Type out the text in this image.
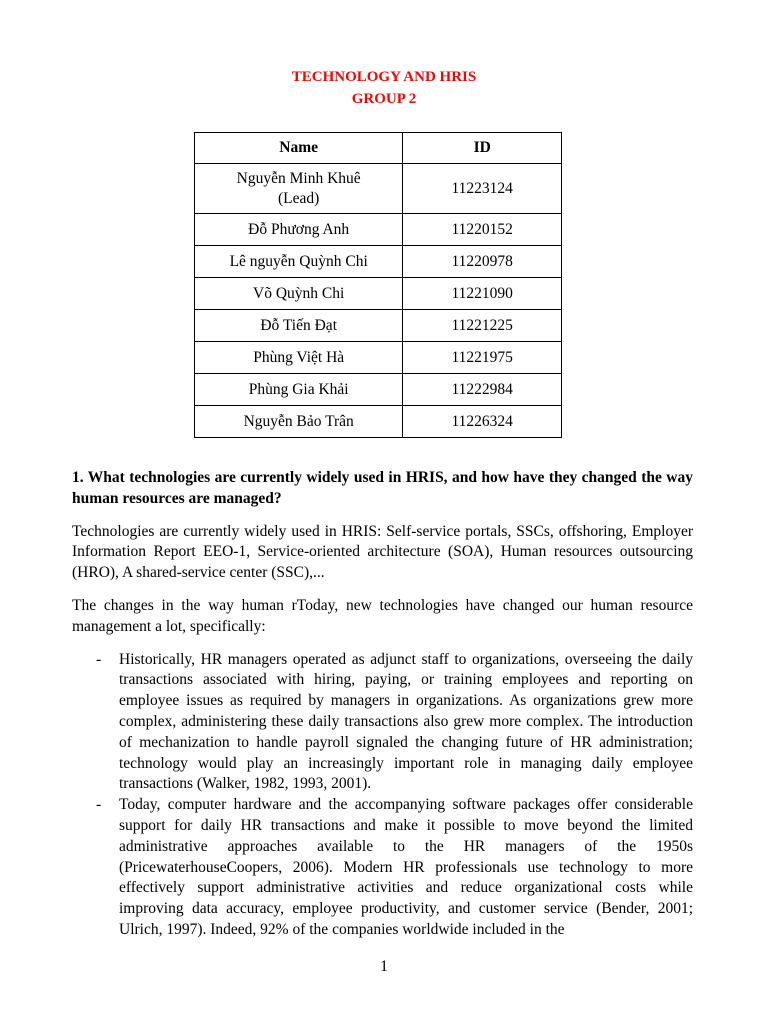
TECHNOLOGY AND HRIS
GROUP 2
Name	ID
Nguyễn Minh Khuê
(Lead)	11223124
Đỗ Phương Anh	11220152
Lê nguyễn Quỳnh Chi	11220978
Võ Quỳnh Chi	11221090
Đỗ Tiến Đạt	11221225
Phùng Việt Hà	11221975
Phùng Gia Khải	11222984
Nguyễn Bảo Trân	11226324

1. What technologies are currently widely used in HRIS, and how have they changed the way human resources are managed?

Technologies are currently widely used in HRIS: Self-service portals, SSCs, offshoring, Employer Information Report EEO-1, Service-oriented architecture (SOA), Human resources outsourcing (HRO), A shared-service center (SSC),...

The changes in the way human rToday, new technologies have changed our human resource management a lot, specifically:

- Historically, HR managers operated as adjunct staff to organizations, overseeing the daily transactions associated with hiring, paying, or training employees and reporting on employee issues as required by managers in organizations. As organizations grew more complex, administering these daily transactions also grew more complex. The introduction of mechanization to handle payroll signaled the changing future of HR administration; technology would play an increasingly important role in managing daily employee transactions (Walker, 1982, 1993, 2001).
- Today, computer hardware and the accompanying software packages offer considerable support for daily HR transactions and make it possible to move beyond the limited administrative approaches available to the HR managers of the 1950s (PricewaterhouseCoopers, 2006). Modern HR professionals use technology to more effectively support administrative activities and reduce organizational costs while improving data accuracy, employee productivity, and customer service (Bender, 2001; Ulrich, 1997). Indeed, 92% of the companies worldwide included in the
1
